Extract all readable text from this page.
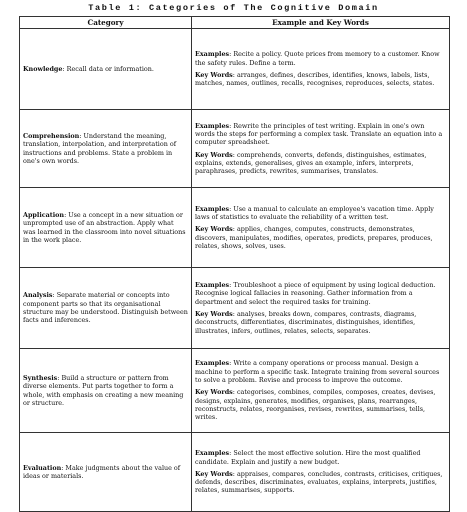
Table 1: Categories of The Cognitive Domain
Category	Example and Key Words
Knowledge: Recall data or information.	Examples: Recite a policy. Quote prices from memory to a customer. Know the safety rules. Define a term.
Key Words: arranges, defines, describes, identifies, knows, labels, lists, matches, names, outlines, recalls, recognises, reproduces, selects, states.

Comprehension: Understand the meaning, translation, interpolation, and interpretation of instructions and problems. State a problem in one's own words.	Examples: Rewrite the principles of test writing. Explain in one's own words the steps for performing a complex task. Translate an equation into a computer spreadsheet.
Key Words: comprehends, converts, defends, distinguishes, estimates, explains, extends, generalises, gives an example, infers, interprets, paraphrases, predicts, rewrites, summarises, translates.

Application: Use a concept in a new situation or unprompted use of an abstraction. Apply what was learned in the classroom into novel situations in the work place.	Examples: Use a manual to calculate an employee's vacation time. Apply laws of statistics to evaluate the reliability of a written test.
Key Words: applies, changes, computes, constructs, demonstrates, discovers, manipulates, modifies, operates, predicts, prepares, produces, relates, shows, solves, uses.

Analysis: Separate material or concepts into component parts so that its organisational structure may be understood. Distinguish between facts and inferences.	Examples: Troubleshoot a piece of equipment by using logical deduction. Recognise logical fallacies in reasoning. Gather information from a department and select the required tasks for training.
Key Words: analyses, breaks down, compares, contrasts, diagrams, deconstructs, differentiates, discriminates, distinguishes, identifies, illustrates, infers, outlines, relates, selects, separates.

Synthesis: Build a structure or pattern from diverse elements. Put parts together to form a whole, with emphasis on creating a new meaning or structure.	Examples: Write a company operations or process manual. Design a machine to perform a specific task. Integrate training from several sources to solve a problem. Revise and process to improve the outcome.
Key Words: categorises, combines, compiles, composes, creates, devises, designs, explains, generates, modifies, organises, plans, rearranges, reconstructs, relates, reorganises, revises, rewrites, summarises, tells, writes.

Evaluation: Make judgments about the value of ideas or materials.	Examples: Select the most effective solution. Hire the most qualified candidate. Explain and justify a new budget.
Key Words: appraises, compares, concludes, contrasts, criticises, critiques, defends, describes, discriminates, evaluates, explains, interprets, justifies, relates, summarises, supports.
